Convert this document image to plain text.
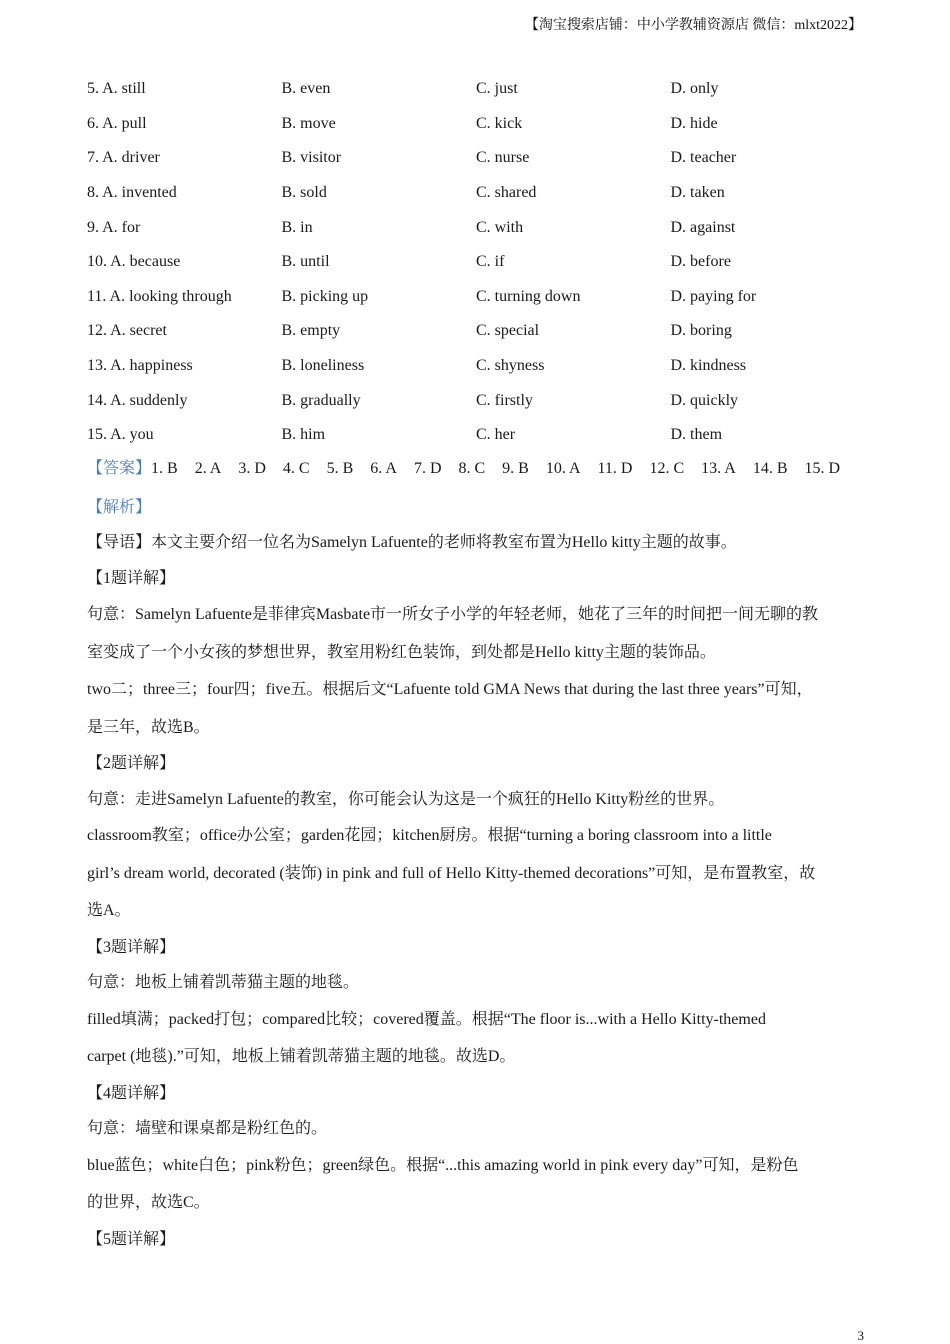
【淘宝搜索店铺：中小学教辅资源店 微信：mlxt2022】
5. A. still	B. even	C. just	D. only
6. A. pull	B. move	C. kick	D. hide
7. A. driver	B. visitor	C. nurse	D. teacher
8. A. invented	B. sold	C. shared	D. taken
9. A. for	B. in	C. with	D. against
10. A. because	B. until	C. if	D. before
11. A. looking through	B. picking up	C. turning down	D. paying for
12. A. secret	B. empty	C. special	D. boring
13. A. happiness	B. loneliness	C. shyness	D. kindness
14. A. suddenly	B. gradually	C. firstly	D. quickly
15. A. you	B. him	C. her	D. them
【答案】1. B 2. A 3. D 4. C 5. B 6. A 7. D 8. C 9. B 10. A 11. D 12. C 13. A 14. B 15. D
【解析】
【导语】本文主要介绍一位名为Samelyn Lafuente的老师将教室布置为Hello kitty主题的故事。
【1题详解】
句意：Samelyn Lafuente是菲律宾Masbate市一所女子小学的年轻老师，她花了三年的时间把一间无聊的教
室变成了一个小女孩的梦想世界，教室用粉红色装饰，到处都是Hello kitty主题的装饰品。
two二；three三；four四；five五。根据后文“Lafuente told GMA News that during the last three years”可知，
是三年，故选B。
【2题详解】
句意：走进Samelyn Lafuente的教室，你可能会认为这是一个疯狂的Hello Kitty粉丝的世界。
classroom教室；office办公室；garden花园；kitchen厨房。根据“turning a boring classroom into a little
girl’s dream world, decorated (装饰) in pink and full of Hello Kitty-themed decorations”可知，是布置教室，故
选A。
【3题详解】
句意：地板上铺着凯蒂猫主题的地毯。
filled填满；packed打包；compared比较；covered覆盖。根据“The floor is...with a Hello Kitty-themed
carpet (地毯).”可知，地板上铺着凯蒂猫主题的地毯。故选D。
【4题详解】
句意：墙壁和课桌都是粉红色的。
blue蓝色；white白色；pink粉色；green绿色。根据“...this amazing world in pink every day”可知，是粉色
的世界，故选C。
【5题详解】
3
